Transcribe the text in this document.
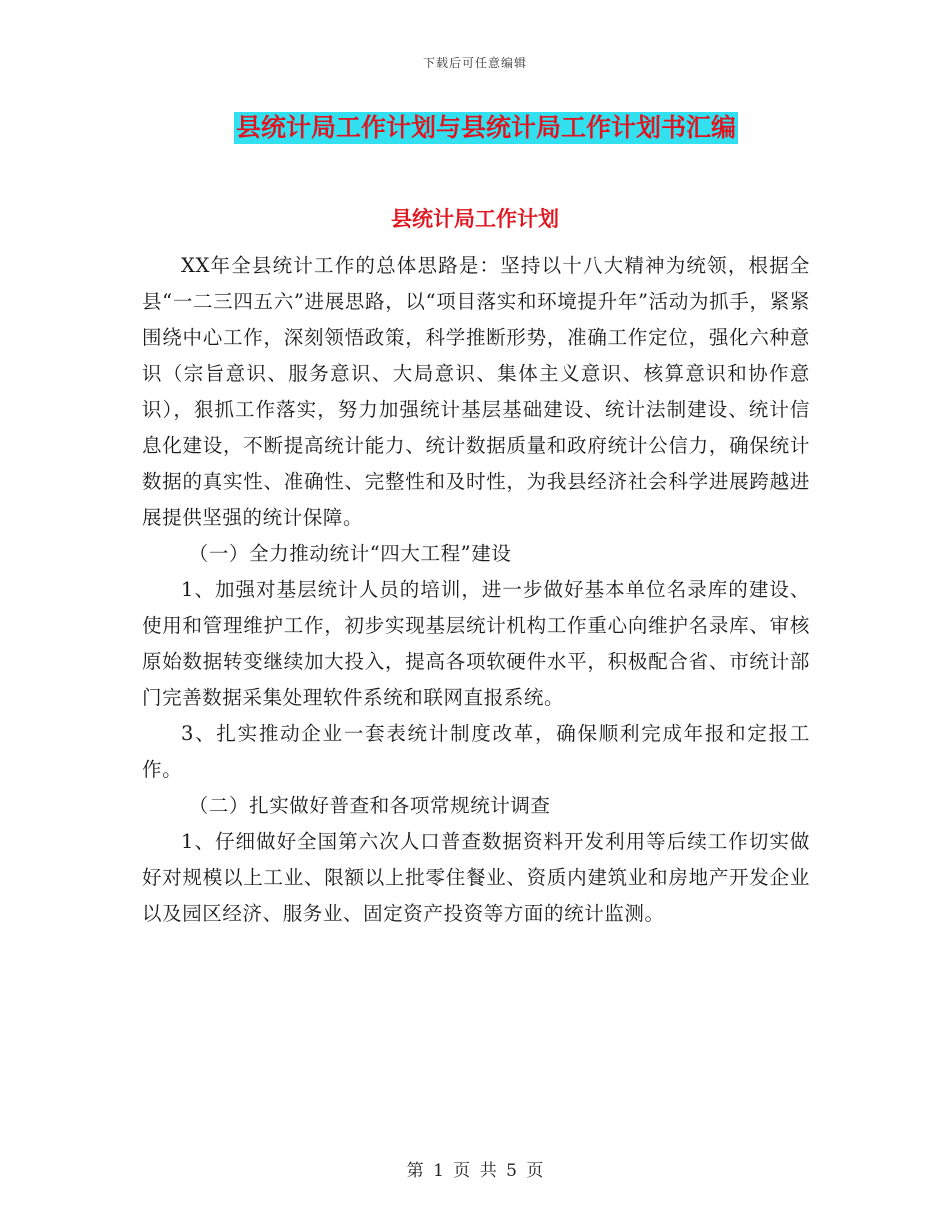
下载后可任意编辑
县统计局工作计划与县统计局工作计划书汇编
县统计局工作计划

XX年全县统计工作的总体思路是：坚持以十八大精神为统领，根据全县“一二三四五六”进展思路，以“项目落实和环境提升年”活动为抓手，紧紧围绕中心工作，深刻领悟政策，科学推断形势，准确工作定位，强化六种意识（宗旨意识、服务意识、大局意识、集体主义意识、核算意识和协作意识），狠抓工作落实，努力加强统计基层基础建设、统计法制建设、统计信息化建设，不断提高统计能力、统计数据质量和政府统计公信力，确保统计数据的真实性、准确性、完整性和及时性，为我县经济社会科学进展跨越进展提供坚强的统计保障。

（一）全力推动统计“四大工程”建设

1、加强对基层统计人员的培训，进一步做好基本单位名录库的建设、使用和管理维护工作，初步实现基层统计机构工作重心向维护名录库、审核原始数据转变继续加大投入，提高各项软硬件水平，积极配合省、市统计部门完善数据采集处理软件系统和联网直报系统。

3、扎实推动企业一套表统计制度改革，确保顺利完成年报和定报工作。

（二）扎实做好普查和各项常规统计调查

1、仔细做好全国第六次人口普查数据资料开发利用等后续工作切实做好对规模以上工业、限额以上批零住餐业、资质内建筑业和房地产开发企业以及园区经济、服务业、固定资产投资等方面的统计监测。

第 1 页 共 5 页
